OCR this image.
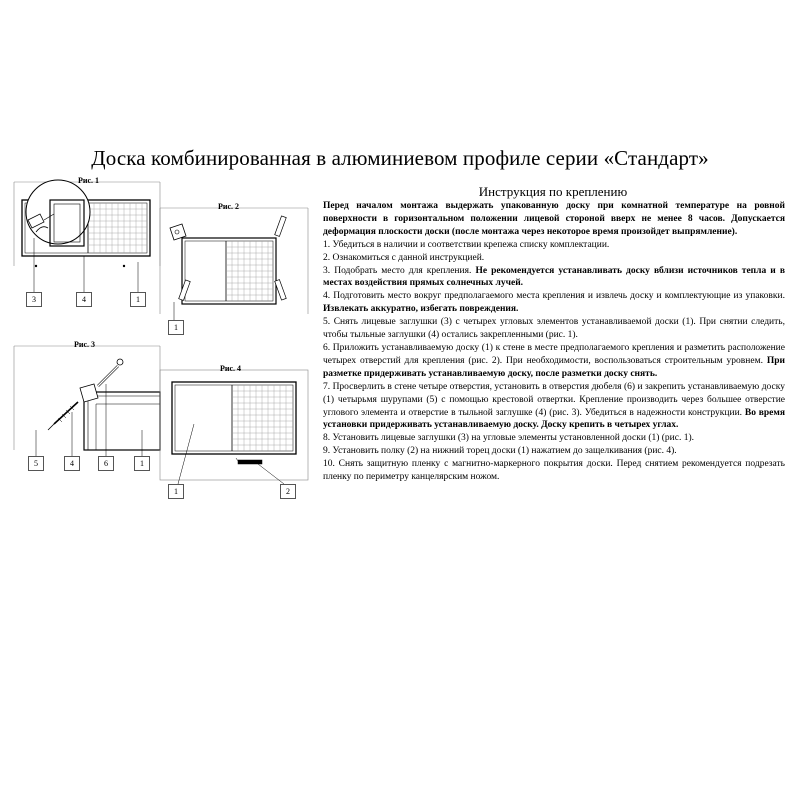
Доска комбинированная в алюминиевом профиле серии «Стандарт»
Рис. 1
3	4	1
Рис. 2
1
Рис. 3
5	4	6	1
Рис. 4
1	2
Инструкция по креплению

Перед началом монтажа выдержать упакованную доску при комнатной температуре на ровной поверхности в горизонтальном положении лицевой стороной вверх не менее 8 часов. Допускается деформация плоскости доски (после монтажа через некоторое время произойдет выпрямление).

1. Убедиться в наличии и соответствии крепежа списку комплектации.

2. Ознакомиться с данной инструкцией.

3. Подобрать место для крепления. Не рекомендуется устанавливать доску вблизи источников тепла и в местах воздействия прямых солнечных лучей.

4. Подготовить место вокруг предполагаемого места крепления и извлечь доску и комплектующие из упаковки. Извлекать аккуратно, избегать повреждения.

5. Снять лицевые заглушки (3) с четырех угловых элементов устанавливаемой доски (1). При снятии следить, чтобы тыльные заглушки (4) остались закрепленными (рис. 1).

6. Приложить устанавливаемую доску (1) к стене в месте предполагаемого крепления и разметить расположение четырех отверстий для крепления (рис. 2). При необходимости, воспользоваться строительным уровнем. При разметке придерживать устанавливаемую доску, после разметки доску снять.

7. Просверлить в стене четыре отверстия, установить в отверстия дюбеля (6) и закрепить устанавливаемую доску (1) четырьмя шурупами (5) с помощью крестовой отвертки. Крепление производить через большее отверстие углового элемента и отверстие в тыльной заглушке (4) (рис. 3). Убедиться в надежности конструкции. Во время установки придерживать устанавливаемую доску. Доску крепить в четырех углах.

8. Установить лицевые заглушки (3) на угловые элементы установленной доски (1) (рис. 1).

9. Установить полку (2) на нижний торец доски (1) нажатием до защелкивания (рис. 4).

10. Снять защитную пленку с магнитно-маркерного покрытия доски. Перед снятием рекомендуется подрезать пленку по периметру канцелярским ножом.
